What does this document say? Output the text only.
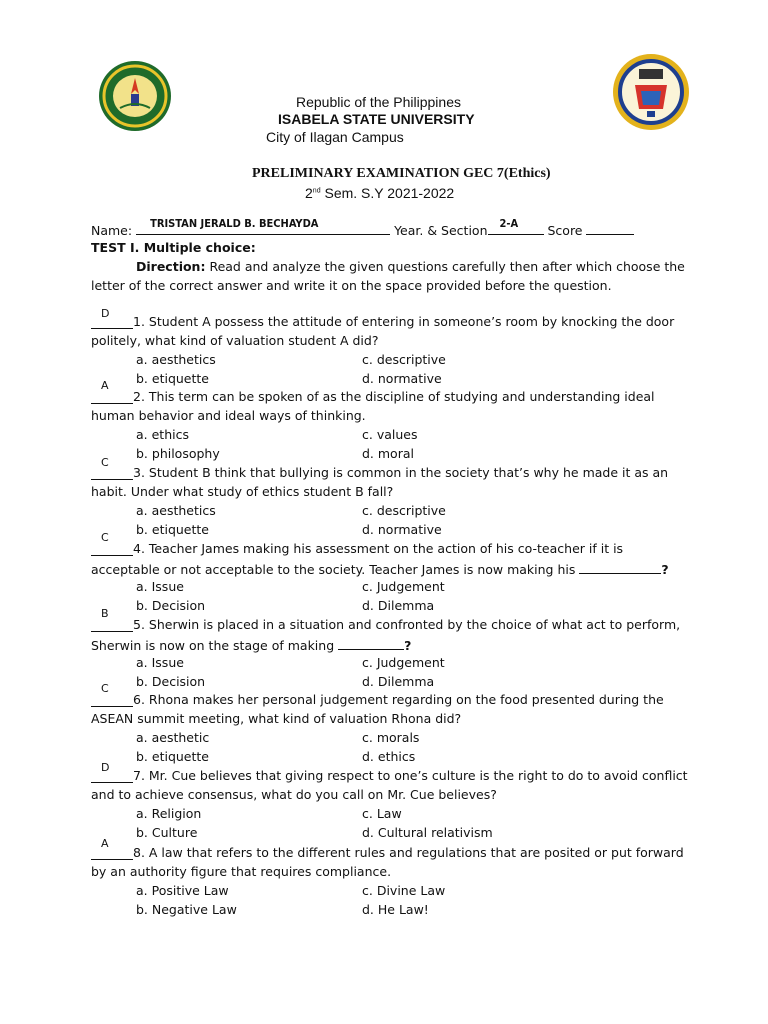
Republic of the Philippines
ISABELA STATE UNIVERSITY
City of Ilagan Campus
PRELIMINARY EXAMINATION GEC 7(Ethics)
2nd Sem. S.Y 2021-2022
Name: TRISTAN JERALD B. BECHAYDA	Year. & Section 2-A Score
TEST I. Multiple choice:
Direction: Read and analyze the given questions carefully then after which choose the
letter of the correct answer and write it on the space provided before the question.
D
1. Student A possess the attitude of entering in someone’s room by knocking the door
politely, what kind of valuation student A did?
a. aesthetics	c. descriptive
b. etiquette	d. normative
A
2. This term can be spoken of as the discipline of studying and understanding ideal
human behavior and ideal ways of thinking.
a. ethics	c. values
b. philosophy	d. moral
C
3. Student B think that bullying is common in the society that’s why he made it as an
habit. Under what study of ethics student B fall?
a. aesthetics	c. descriptive
b. etiquette	d. normative
C
4. Teacher James making his assessment on the action of his co-teacher if it is
acceptable or not acceptable to the society. Teacher James is now making his	?
a. Issue	c. Judgement
b. Decision	d. Dilemma
B
5. Sherwin is placed in a situation and confronted by the choice of what act to perform,
Sherwin is now on the stage of making	?
a. Issue	c. Judgement
b. Decision	d. Dilemma
C
6. Rhona makes her personal judgement regarding on the food presented during the
ASEAN summit meeting, what kind of valuation Rhona did?
a. aesthetic	c. morals
b. etiquette	d. ethics
D
7. Mr. Cue believes that giving respect to one’s culture is the right to do to avoid conflict
and to achieve consensus, what do you call on Mr. Cue believes?
a. Religion	c. Law
b. Culture	d. Cultural relativism
A
8. A law that refers to the different rules and regulations that are posited or put forward
by an authority figure that requires compliance.
a. Positive Law	c. Divine Law
b. Negative Law	d. He Law!
